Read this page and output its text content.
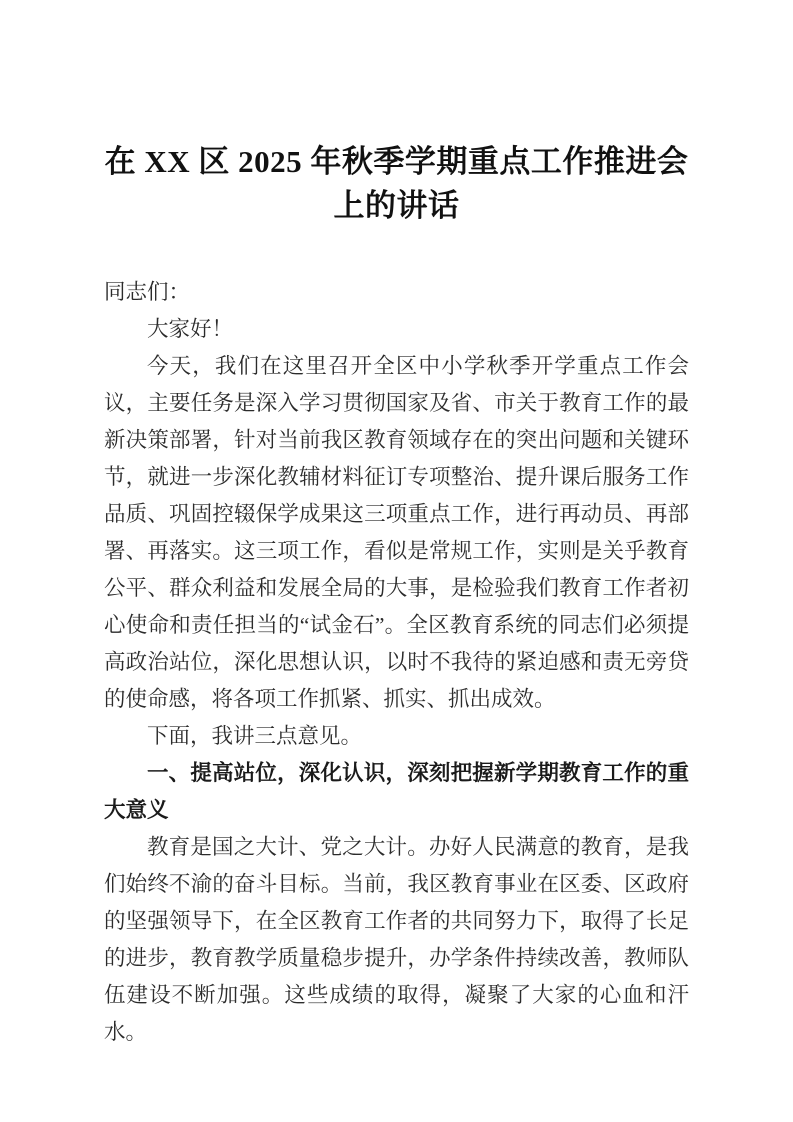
在 XX 区 2025 年秋季学期重点工作推进会上的讲话

同志们：

大家好！

今天，我们在这里召开全区中小学秋季开学重点工作会议，主要任务是深入学习贯彻国家及省、市关于教育工作的最新决策部署，针对当前我区教育领域存在的突出问题和关键环节，就进一步深化教辅材料征订专项整治、提升课后服务工作品质、巩固控辍保学成果这三项重点工作，进行再动员、再部署、再落实。这三项工作，看似是常规工作，实则是关乎教育公平、群众利益和发展全局的大事，是检验我们教育工作者初心使命和责任担当的“试金石”。全区教育系统的同志们必须提高政治站位，深化思想认识，以时不我待的紧迫感和责无旁贷的使命感，将各项工作抓紧、抓实、抓出成效。

下面，我讲三点意见。

一、提高站位，深化认识，深刻把握新学期教育工作的重大意义

教育是国之大计、党之大计。办好人民满意的教育，是我们始终不渝的奋斗目标。当前，我区教育事业在区委、区政府的坚强领导下，在全区教育工作者的共同努力下，取得了长足的进步，教育教学质量稳步提升，办学条件持续改善，教师队伍建设不断加强。这些成绩的取得，凝聚了大家的心血和汗水。
